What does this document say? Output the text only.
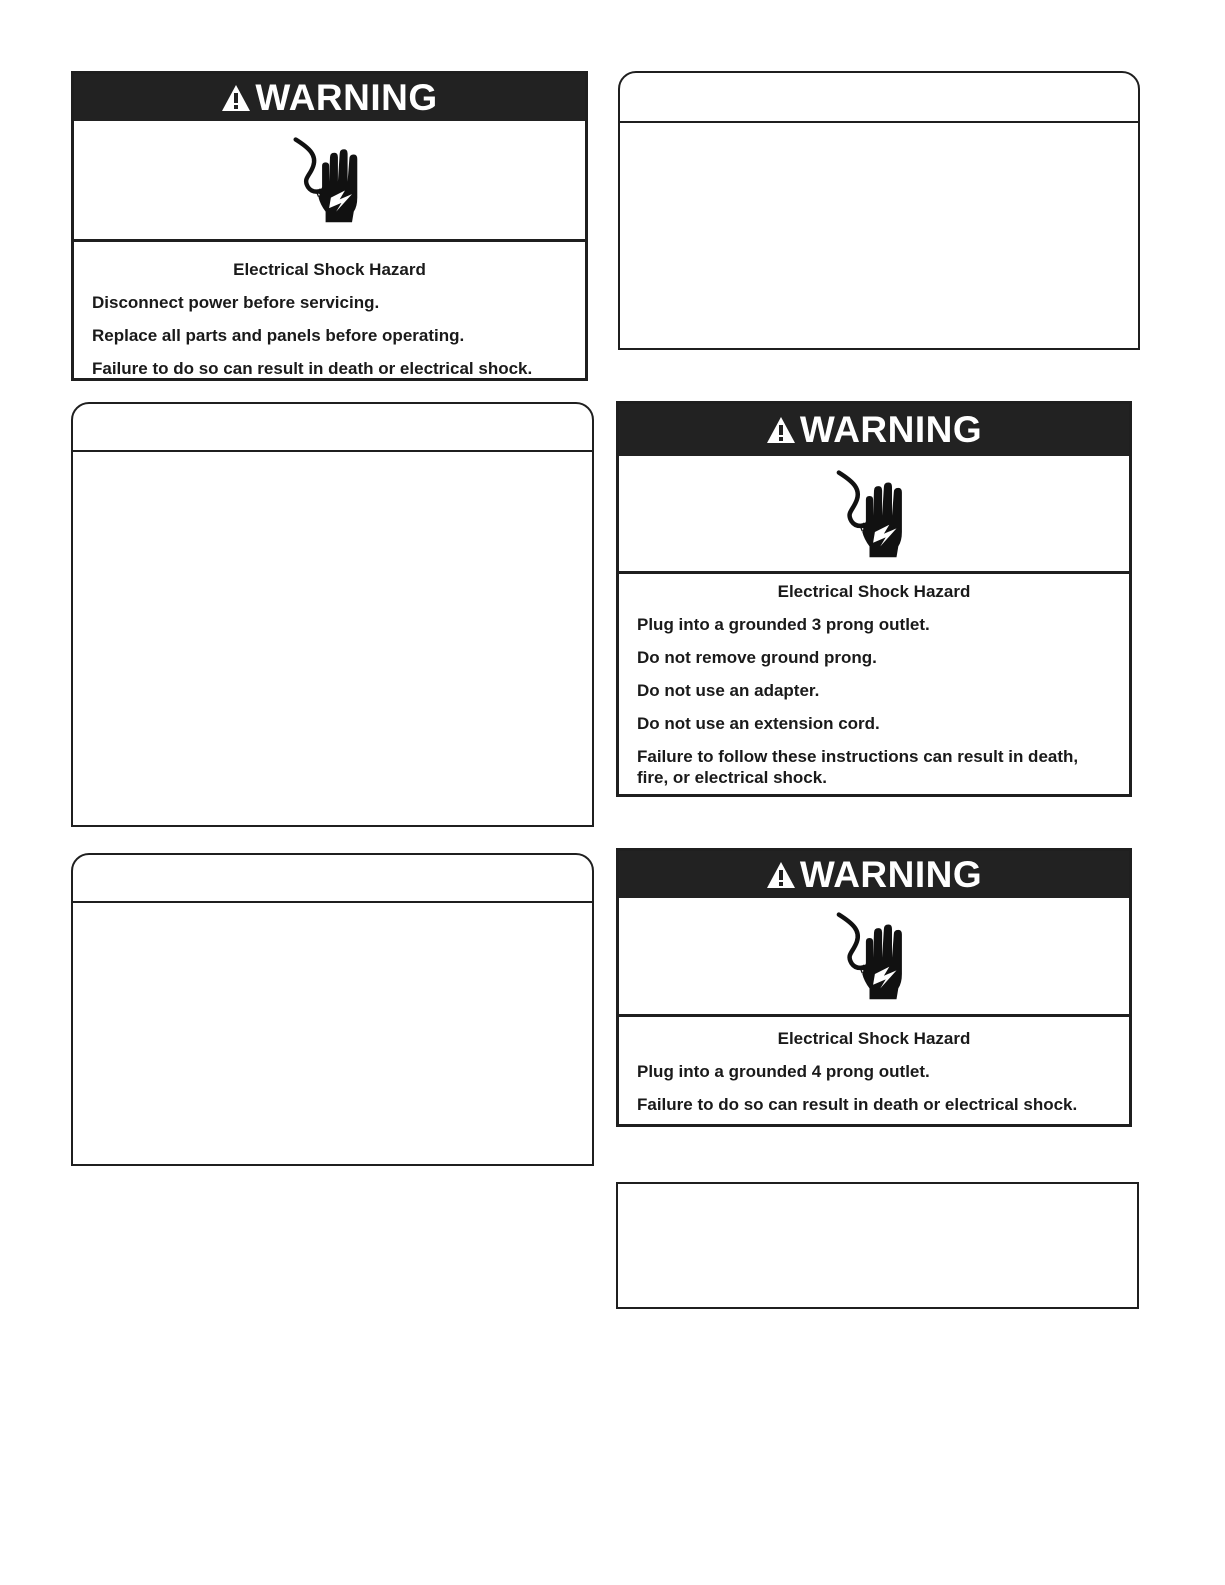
WARNING

Electrical Shock Hazard

Disconnect power before servicing.

Replace all parts and panels before operating.

Failure to do so can result in death or electrical shock.

WARNING

Electrical Shock Hazard

Plug into a grounded 3 prong outlet.

Do not remove ground prong.

Do not use an adapter.

Do not use an extension cord.

Failure to follow these instructions can result in death, fire, or electrical shock.

WARNING

Electrical Shock Hazard

Plug into a grounded 4 prong outlet.

Failure to do so can result in death or electrical shock.
